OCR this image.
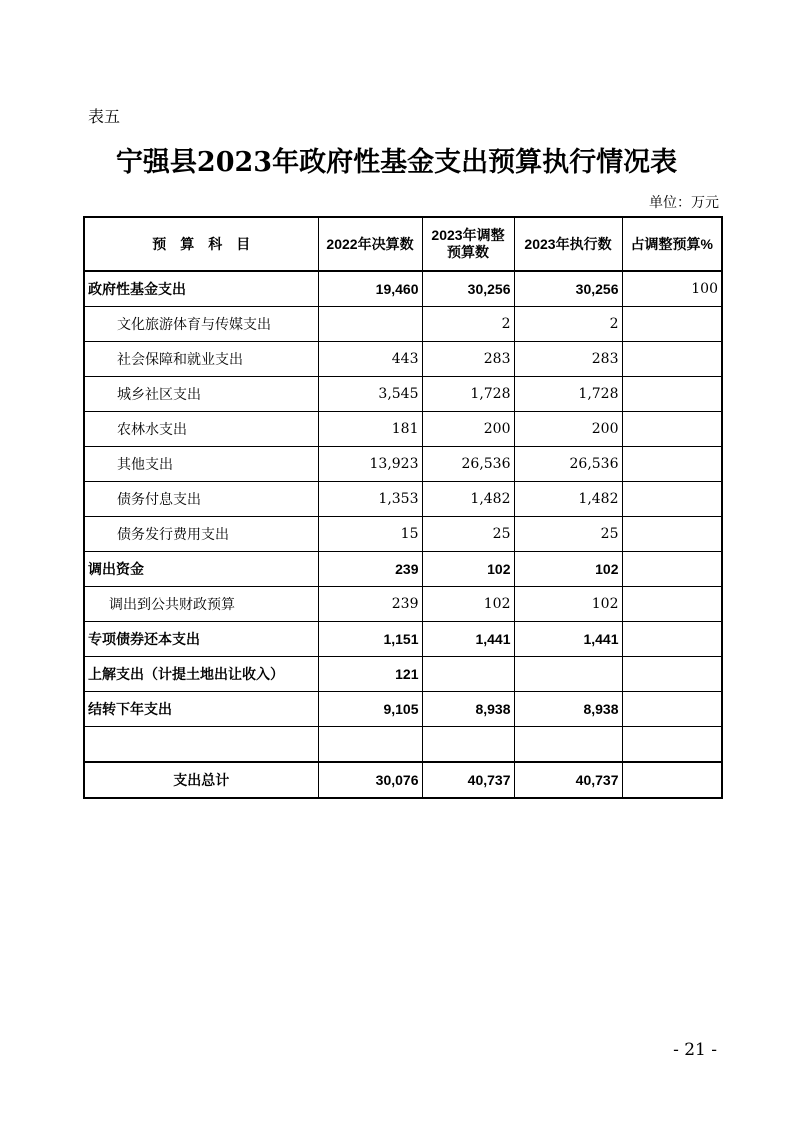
表五
宁强县2023年政府性基金支出预算执行情况表
单位：万元
预　算　科　目	2022年决算数	2023年调整预算数	2023年执行数	占调整预算%
政府性基金支出	19,460	30,256	30,256	100
文化旅游体育与传媒支出		2	2	
社会保障和就业支出	443	283	283	
城乡社区支出	3,545	1,728	1,728	
农林水支出	181	200	200	
其他支出	13,923	26,536	26,536	
债务付息支出	1,353	1,482	1,482	
债务发行费用支出	15	25	25	
调出资金	239	102	102	
调出到公共财政预算	239	102	102	
专项债券还本支出	1,151	1,441	1,441	
上解支出（计提土地出让收入）	121			
结转下年支出	9,105	8,938	8,938	

支出总计	30,076	40,737	40,737	
- 21 -
